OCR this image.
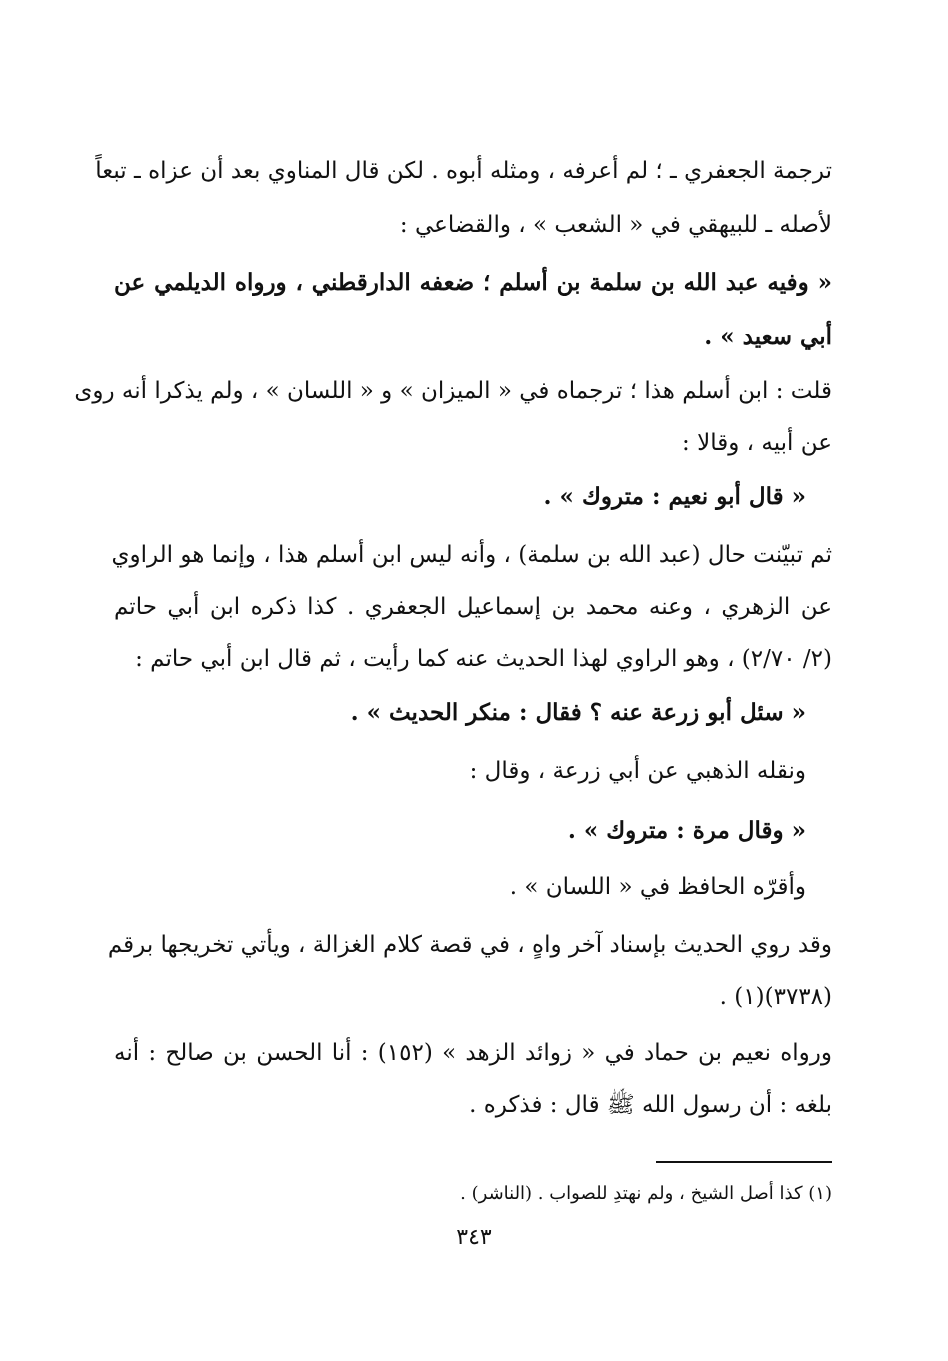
ترجمة الجعفري ـ ؛ لم أعرفه ، ومثله أبوه . لكن قال المناوي بعد أن عزاه ـ تبعاً
لأصله ـ للبيهقي في « الشعب » ، والقضاعي :
« وفيه عبد الله بن سلمة بن أسلم ؛ ضعفه الدارقطني ، ورواه الديلمي عن
أبي سعيد » .
قلت : ابن أسلم هذا ؛ ترجماه في « الميزان » و « اللسان » ، ولم يذكرا أنه روى
عن أبيه ، وقالا :
« قال أبو نعيم : متروك » .
ثم تبيّنت حال (عبد الله بن سلمة) ، وأنه ليس ابن أسلم هذا ، وإنما هو الراوي
عن الزهري ، وعنه محمد بن إسماعيل الجعفري . كذا ذكره ابن أبي حاتم
(٢/ ٢/٧٠) ، وهو الراوي لهذا الحديث عنه كما رأيت ، ثم قال ابن أبي حاتم :
« سئل أبو زرعة عنه ؟ فقال : منكر الحديث » .
ونقله الذهبي عن أبي زرعة ، وقال :
« وقال مرة : متروك » .
وأقرّه الحافظ في « اللسان » .
وقد روي الحديث بإسناد آخر واهٍ ، في قصة كلام الغزالة ، ويأتي تخريجها برقم
(٣٧٣٨)(١) .
ورواه نعيم بن حماد في « زوائد الزهد » (١٥٢) : أنا الحسن بن صالح : أنه
بلغه : أن رسول الله ﷺ قال : فذكره .
(١) كذا أصل الشيخ ، ولم نهتدِ للصواب . (الناشر) .
٣٤٣
